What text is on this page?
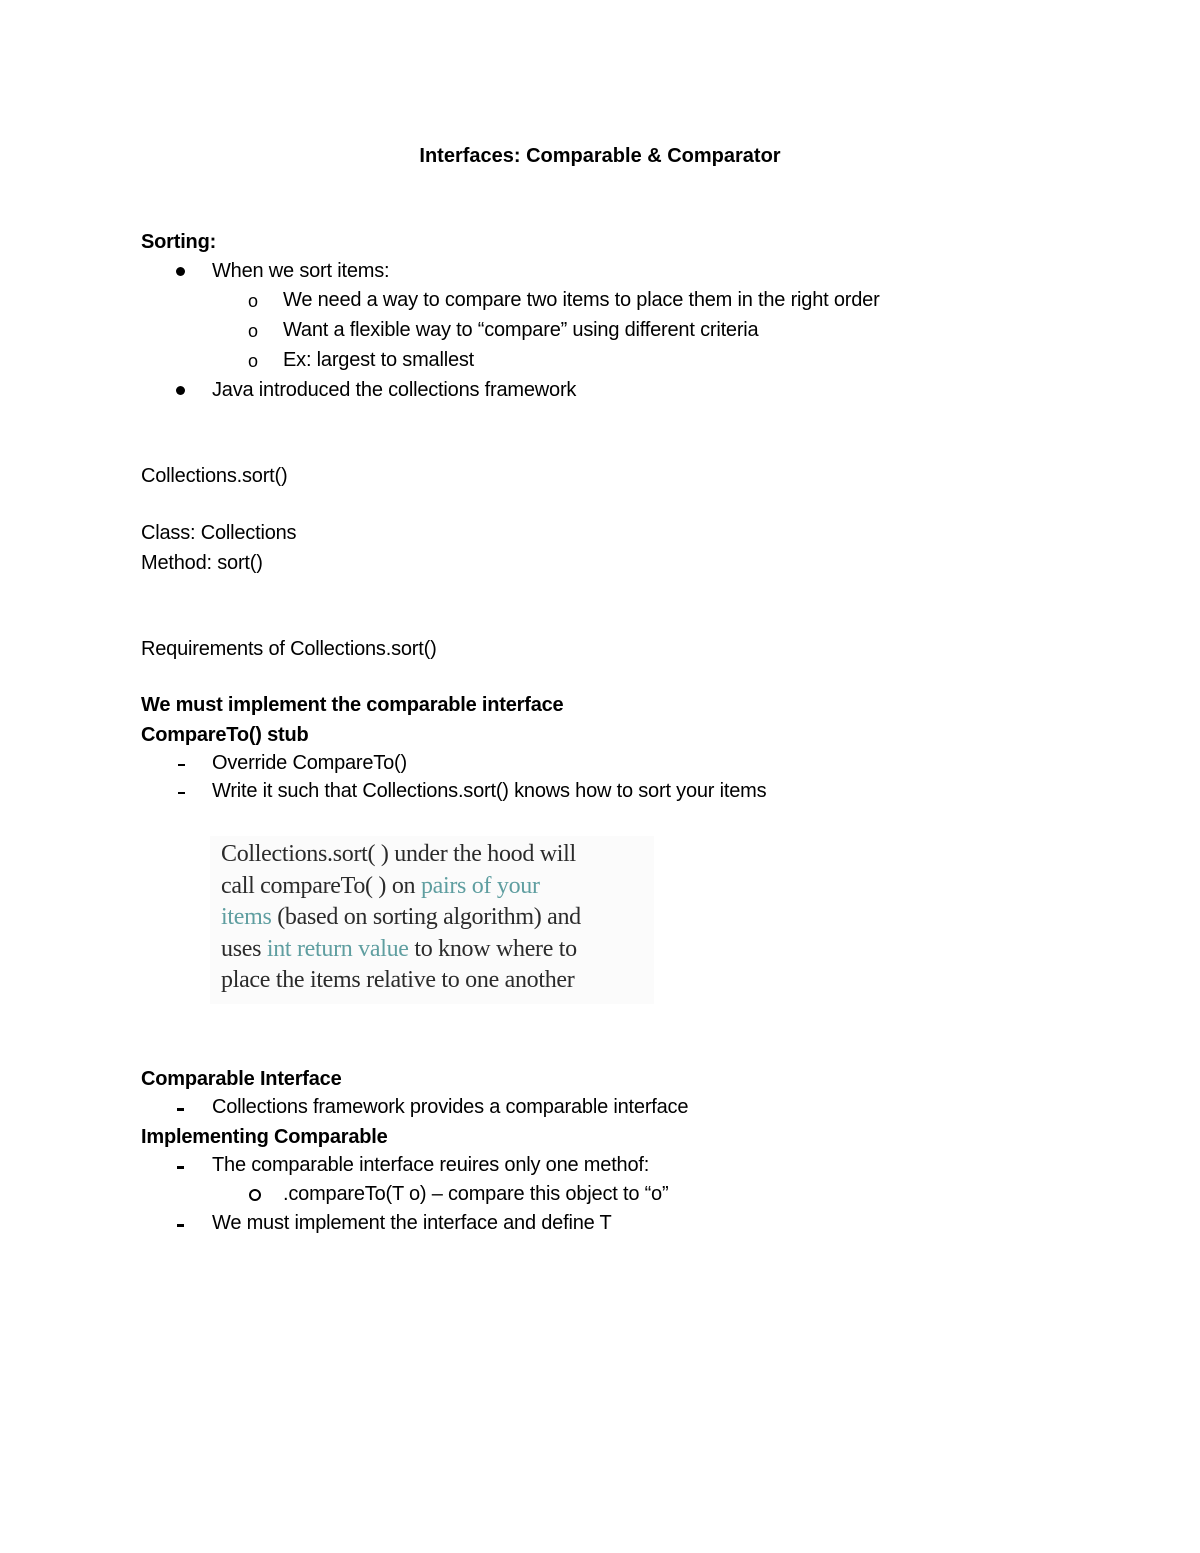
Interfaces: Comparable & Comparator
Sorting:
When we sort items:
o We need a way to compare two items to place them in the right order
o Want a flexible way to “compare” using different criteria
o Ex: largest to smallest
Java introduced the collections framework
Collections.sort()
Class: Collections
Method: sort()
Requirements of Collections.sort()
We must implement the comparable interface
CompareTo() stub
Override CompareTo()
Write it such that Collections.sort() knows how to sort your items
Collections.sort( ) under the hood will
call compareTo( ) on pairs of your
items (based on sorting algorithm) and
uses int return value to know where to
place the items relative to one another
Comparable Interface
Collections framework provides a comparable interface
Implementing Comparable
The comparable interface reuires only one methof:
.compareTo(T o) – compare this object to “o”
We must implement the interface and define T
